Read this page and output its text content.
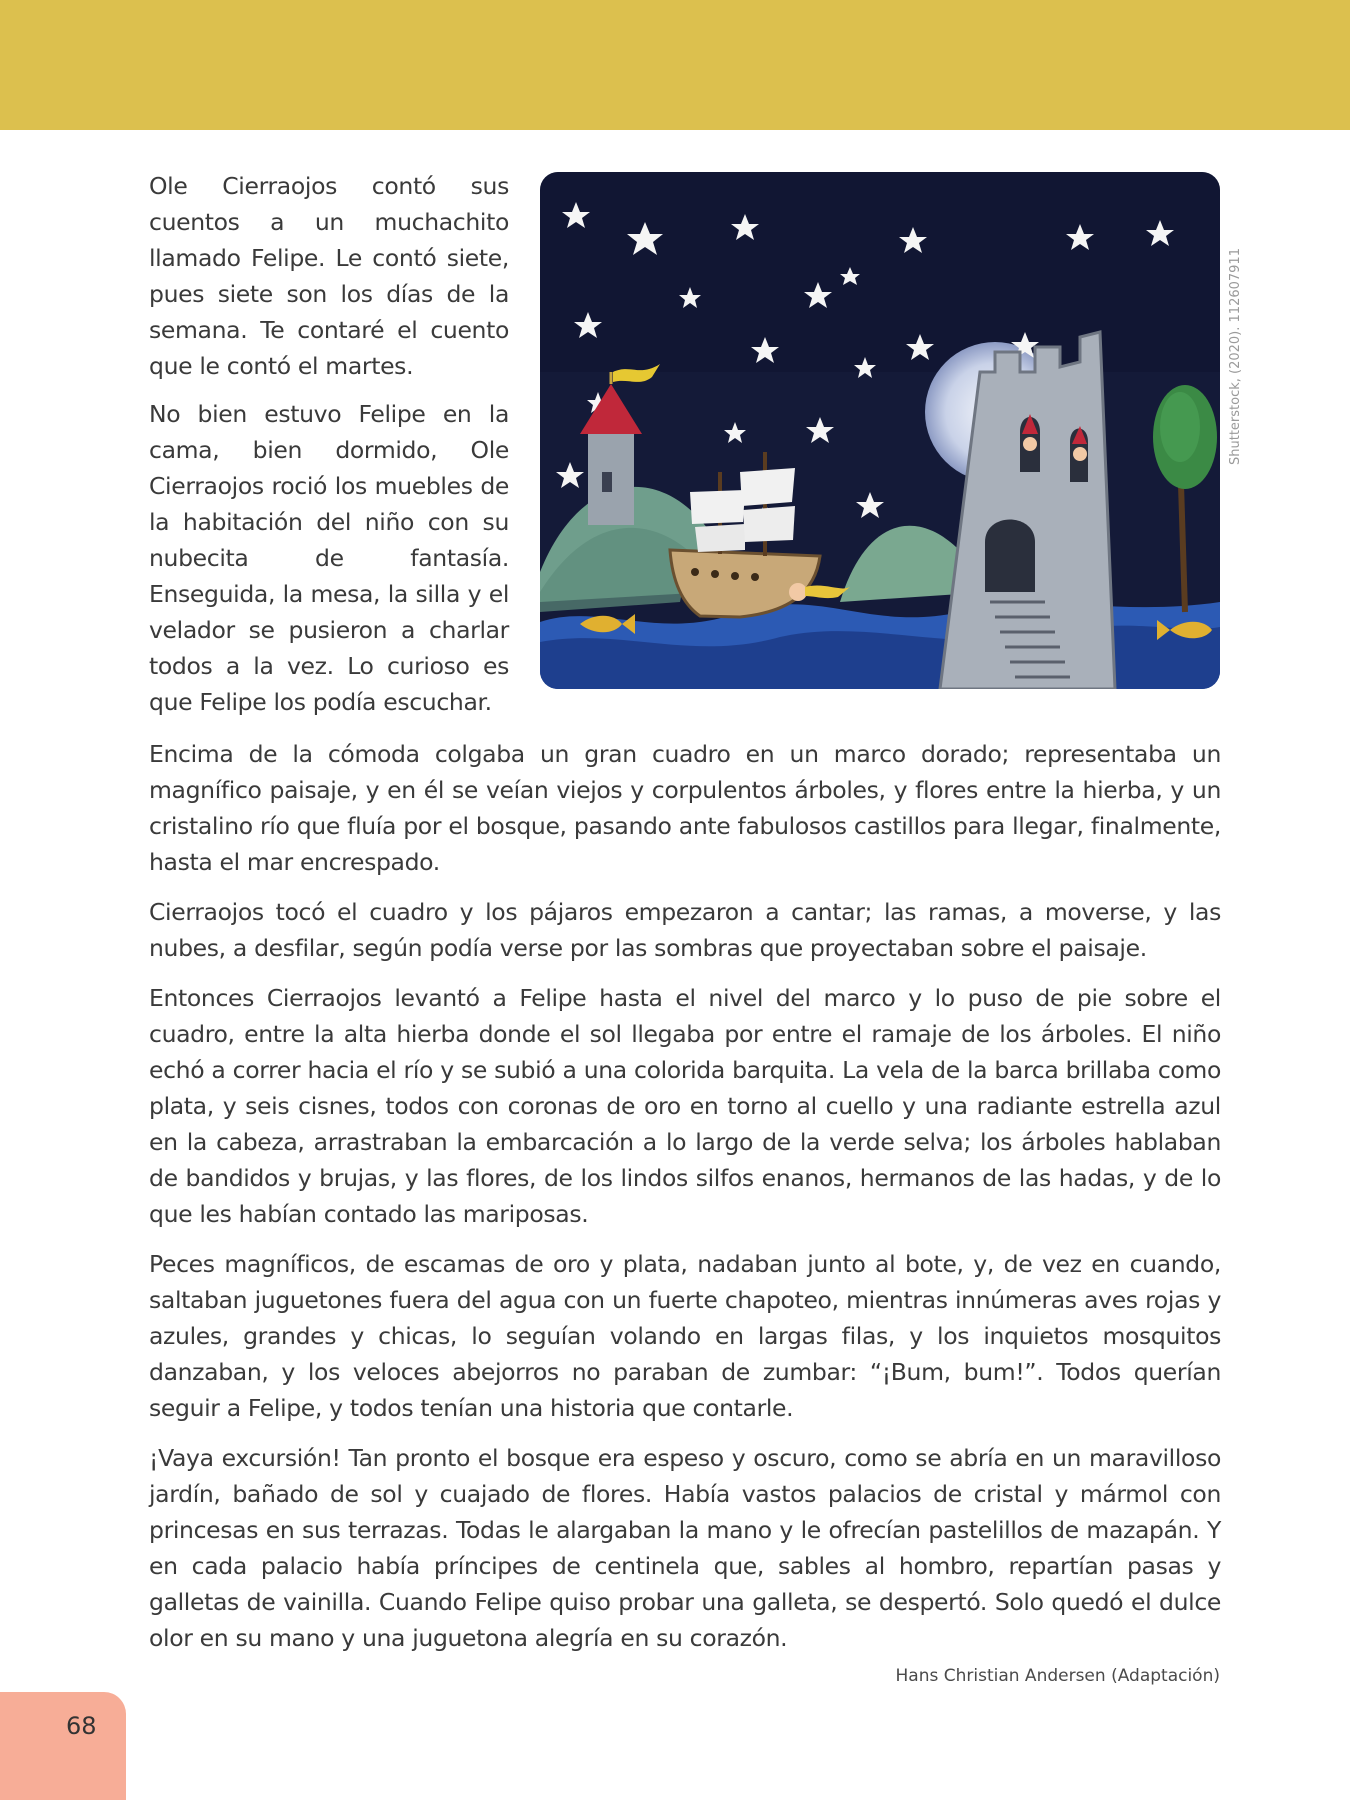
Ole Cierraojos contó sus cuentos a un muchachito llamado Felipe. Le contó siete, pues siete son los días de la semana. Te contaré el cuento que le contó el martes.

No bien estuvo Felipe en la cama, bien dormido, Ole Cierraojos roció los muebles de la habitación del niño con su nubecita de fantasía. Enseguida, la mesa, la silla y el velador se pusieron a charlar todos a la vez. Lo curioso es que Felipe los podía escuchar.

Shutterstock, (2020). 112607911

Encima de la cómoda colgaba un gran cuadro en un marco dorado; representaba un magnífico paisaje, y en él se veían viejos y corpulentos árboles, y flores entre la hierba, y un cristalino río que fluía por el bosque, pasando ante fabulosos castillos para llegar, finalmente, hasta el mar encrespado.

Cierraojos tocó el cuadro y los pájaros empezaron a cantar; las ramas, a moverse, y las nubes, a desfilar, según podía verse por las sombras que proyectaban sobre el paisaje.

Entonces Cierraojos levantó a Felipe hasta el nivel del marco y lo puso de pie sobre el cuadro, entre la alta hierba donde el sol llegaba por entre el ramaje de los árboles. El niño echó a correr hacia el río y se subió a una colorida barquita. La vela de la barca brillaba como plata, y seis cisnes, todos con coronas de oro en torno al cuello y una radiante estrella azul en la cabeza, arrastraban la embarcación a lo largo de la verde selva; los árboles hablaban de bandidos y brujas, y las flores, de los lindos silfos enanos, hermanos de las hadas, y de lo que les habían contado las mariposas.

Peces magníficos, de escamas de oro y plata, nadaban junto al bote, y, de vez en cuando, saltaban juguetones fuera del agua con un fuerte chapoteo, mientras innúmeras aves rojas y azules, grandes y chicas, lo seguían volando en largas filas, y los inquietos mosquitos danzaban, y los veloces abejorros no paraban de zumbar: “¡Bum, bum!”. Todos querían seguir a Felipe, y todos tenían una historia que contarle.

¡Vaya excursión! Tan pronto el bosque era espeso y oscuro, como se abría en un maravilloso jardín, bañado de sol y cuajado de flores. Había vastos palacios de cristal y mármol con princesas en sus terrazas. Todas le alargaban la mano y le ofrecían pastelillos de mazapán. Y en cada palacio había príncipes de centinela que, sables al hombro, repartían pasas y galletas de vainilla. Cuando Felipe quiso probar una galleta, se despertó. Solo quedó el dulce olor en su mano y una juguetona alegría en su corazón.

Hans Christian Andersen (Adaptación)
68
